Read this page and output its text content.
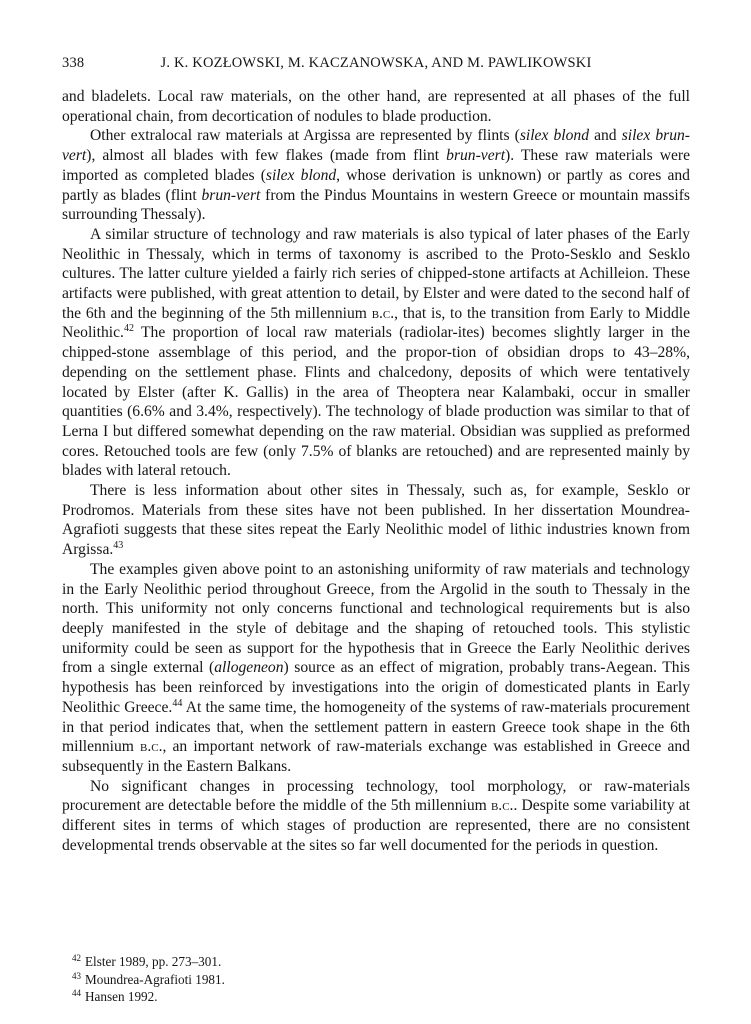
338	J. K. KOZŁOWSKI, M. KACZANOWSKA, AND M. PAWLIKOWSKI

and bladelets. Local raw materials, on the other hand, are represented at all phases of the full operational chain, from decortication of nodules to blade production.

Other extralocal raw materials at Argissa are represented by flints (silex blond and silex brun-vert), almost all blades with few flakes (made from flint brun-vert). These raw materials were imported as completed blades (silex blond, whose derivation is unknown) or partly as cores and partly as blades (flint brun-vert from the Pindus Mountains in western Greece or mountain massifs surrounding Thessaly).

A similar structure of technology and raw materials is also typical of later phases of the Early Neolithic in Thessaly, which in terms of taxonomy is ascribed to the Proto-Sesklo and Sesklo cultures. The latter culture yielded a fairly rich series of chipped-stone artifacts at Achilleion. These artifacts were published, with great attention to detail, by Elster and were dated to the second half of the 6th and the beginning of the 5th millennium b.c., that is, to the transition from Early to Middle Neolithic.$^{42}$ The proportion of local raw materials (radiolar-ites) becomes slightly larger in the chipped-stone assemblage of this period, and the propor-tion of obsidian drops to 43–28%, depending on the settlement phase. Flints and chalcedony, deposits of which were tentatively located by Elster (after K. Gallis) in the area of Theoptera near Kalambaki, occur in smaller quantities (6.6% and 3.4%, respectively). The technology of blade production was similar to that of Lerna I but differed somewhat depending on the raw material. Obsidian was supplied as preformed cores. Retouched tools are few (only 7.5% of blanks are retouched) and are represented mainly by blades with lateral retouch.

There is less information about other sites in Thessaly, such as, for example, Sesklo or Prodromos. Materials from these sites have not been published. In her dissertation Moundrea-Agrafioti suggests that these sites repeat the Early Neolithic model of lithic industries known from Argissa.$^{43}$

The examples given above point to an astonishing uniformity of raw materials and technology in the Early Neolithic period throughout Greece, from the Argolid in the south to Thessaly in the north. This uniformity not only concerns functional and technological requirements but is also deeply manifested in the style of debitage and the shaping of retouched tools. This stylistic uniformity could be seen as support for the hypothesis that in Greece the Early Neolithic derives from a single external (allogeneon) source as an effect of migration, probably trans-Aegean. This hypothesis has been reinforced by investigations into the origin of domesticated plants in Early Neolithic Greece.$^{44}$ At the same time, the homogeneity of the systems of raw-materials procurement in that period indicates that, when the settlement pattern in eastern Greece took shape in the 6th millennium b.c., an important network of raw-materials exchange was established in Greece and subsequently in the Eastern Balkans.

No significant changes in processing technology, tool morphology, or raw-materials procurement are detectable before the middle of the 5th millennium b.c.. Despite some variability at different sites in terms of which stages of production are represented, there are no consistent developmental trends observable at the sites so far well documented for the periods in question.

$^{42}$ Elster 1989, pp. 273–301.
$^{43}$ Moundrea-Agrafioti 1981.
$^{44}$ Hansen 1992.
